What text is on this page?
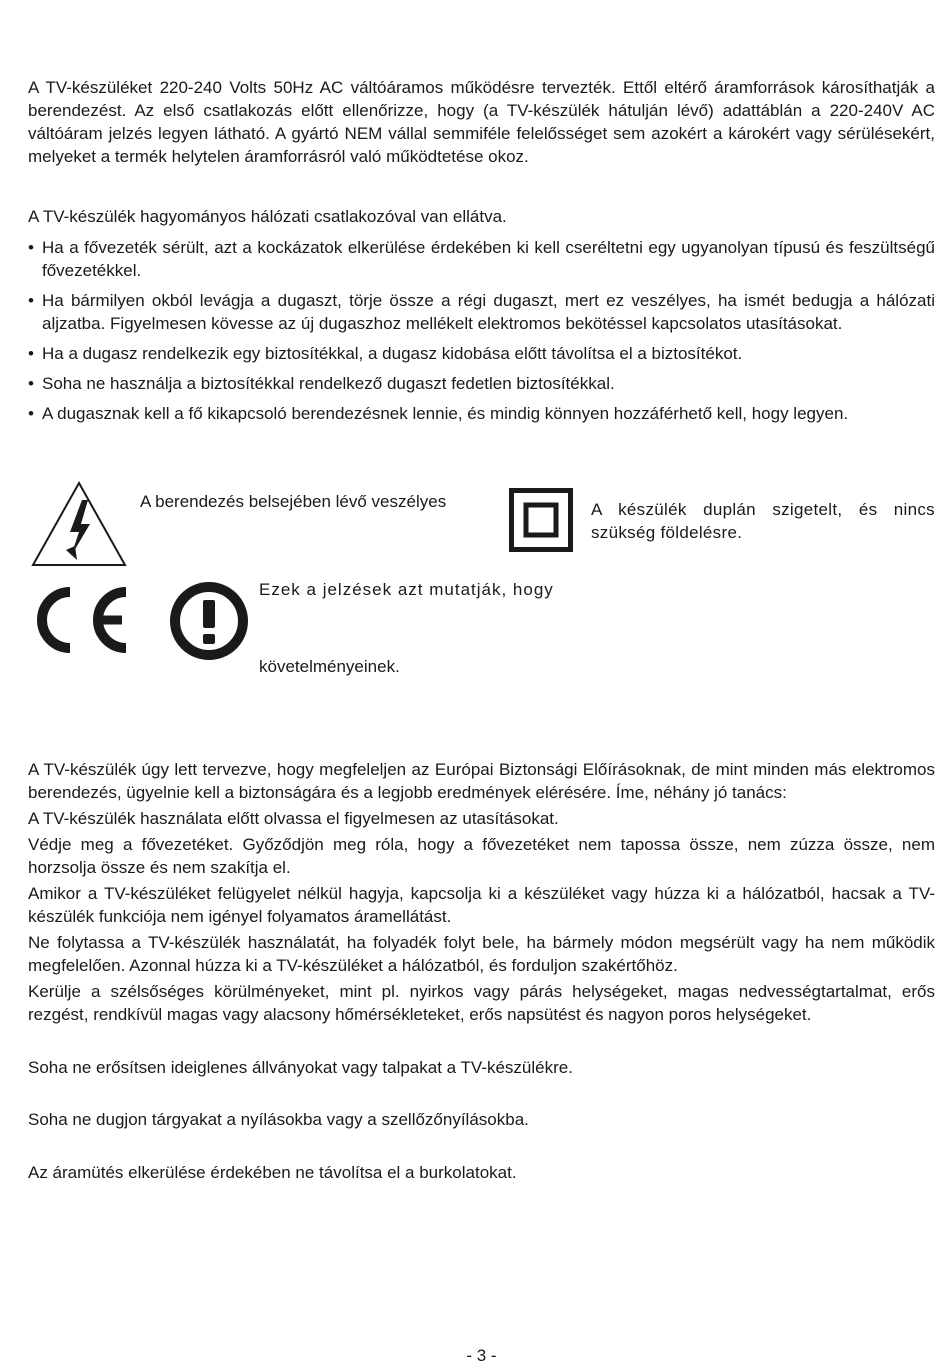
A TV-készüléket 220-240 Volts 50Hz AC váltóáramos működésre tervezték. Ettől eltérő áramforrások károsíthatják a berendezést. Az első csatlakozás előtt ellenőrizze, hogy (a TV-készülék hátulján lévő) adattáblán a 220-240V AC váltóáram jelzés legyen látható. A gyártó NEM vállal semmiféle felelősséget sem azokért a károkért vagy sérülésekért, melyeket a termék helytelen áramforrásról való működtetése okoz.

A TV-készülék hagyományos hálózati csatlakozóval van ellátva.

• Ha a fővezeték sérült, azt a kockázatok elkerülése érdekében ki kell cseréltetni egy ugyanolyan típusú és feszültségű fővezetékkel.
• Ha bármilyen okból levágja a dugaszt, törje össze a régi dugaszt, mert ez veszélyes, ha ismét bedugja a hálózati aljzatba. Figyelmesen kövesse az új dugaszhoz mellékelt elektromos bekötéssel kapcsolatos utasításokat.
• Ha a dugasz rendelkezik egy biztosítékkal, a dugasz kidobása előtt távolítsa el a biztosítékot.
• Soha ne használja a biztosítékkal rendelkező dugaszt fedetlen biztosítékkal.
• A dugasznak kell a fő kikapcsoló berendezésnek lennie, és mindig könnyen hozzáférhető kell, hogy legyen.
A berendezés belsejében lévő veszélyes	A készülék duplán szigetelt, és nincs szükség földelésre.

Ezek a jelzések azt mutatják, hogy
követelményeinek.

A TV-készülék úgy lett tervezve, hogy megfeleljen az Európai Biztonsági Előírásoknak, de mint minden más elektromos berendezés, ügyelnie kell a biztonságára és a legjobb eredmények elérésére. Íme, néhány jó tanács:

A TV-készülék használata előtt olvassa el figyelmesen az utasításokat.

Védje meg a fővezetéket. Győződjön meg róla, hogy a fővezetéket nem tapossa össze, nem zúzza össze, nem horzsolja össze és nem szakítja el.

Amikor a TV-készüléket felügyelet nélkül hagyja, kapcsolja ki a készüléket vagy húzza ki a hálózatból, hacsak a TV-készülék funkciója nem igényel folyamatos áramellátást.

Ne folytassa a TV-készülék használatát, ha folyadék folyt bele, ha bármely módon megsérült vagy ha nem működik megfelelően. Azonnal húzza ki a TV-készüléket a hálózatból, és forduljon szakértőhöz.

Kerülje a szélsőséges körülményeket, mint pl. nyirkos vagy párás helységeket, magas nedvességtartalmat, erős rezgést, rendkívül magas vagy alacsony hőmérsékleteket, erős napsütést és nagyon poros helységeket.

Soha ne erősítsen ideiglenes állványokat vagy talpakat a TV-készülékre.
Soha ne dugjon tárgyakat a nyílásokba vagy a szellőzőnyílásokba.
Az áramütés elkerülése érdekében ne távolítsa el a burkolatokat.
- 3 -
